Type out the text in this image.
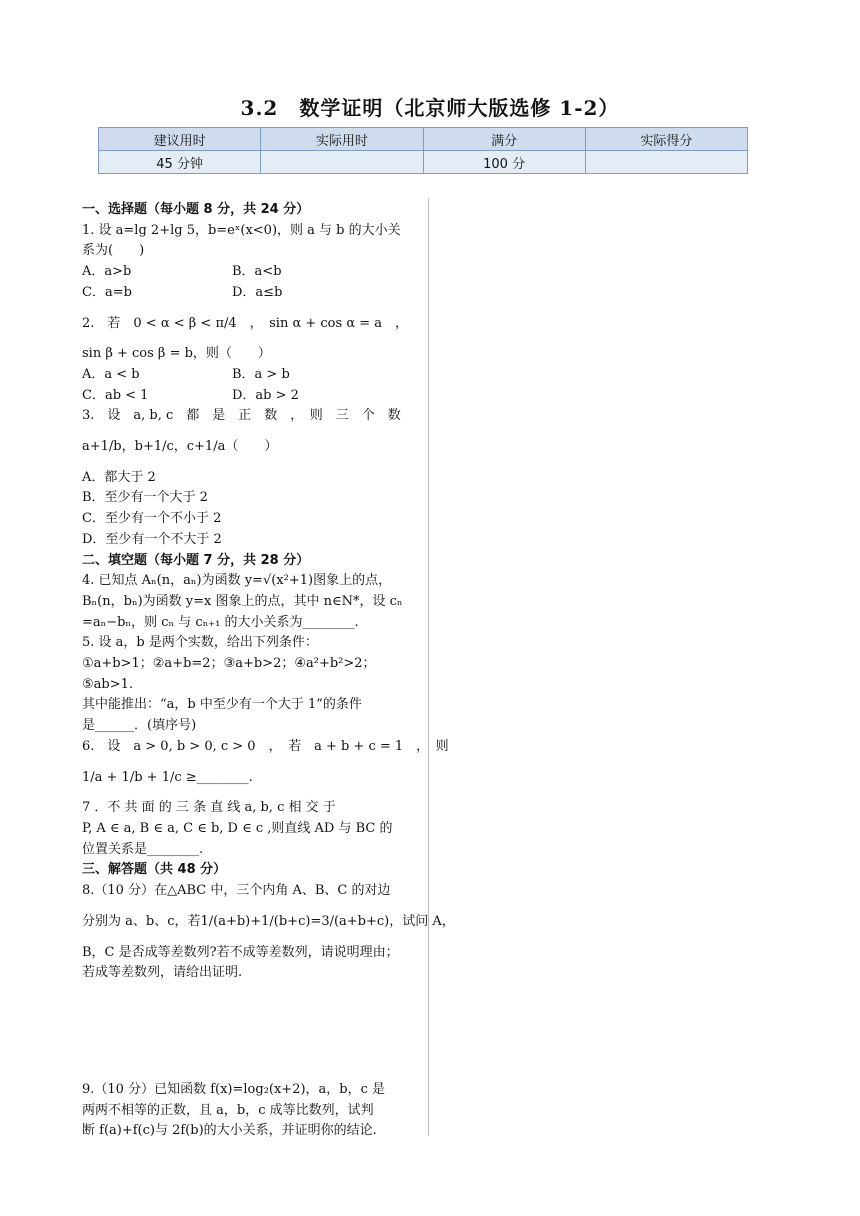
3.2　数学证明（北京师大版选修 1-2）
建议用时	实际用时	满分	实际得分
45 分钟		100 分	
一、选择题（每小题 8 分，共 24 分）
1. 设 a=lg 2+lg 5，b=eˣ(x<0)，则 a 与 b 的大小关
系为(　　)
A．a>b	B．a<b
C．a=b	D．a≤b
2.　若　0 < α < β < π/4　，　sin α + cos α = a　，
sin β + cos β = b，则（　　）
A．a < b	B．a > b
C．ab < 1	D．ab > 2
3.　设　a, b, c　都　是　正　数　，　则　三　个　数
a+1/b，b+1/c，c+1/a（　　）
A．都大于 2
B．至少有一个大于 2
C．至少有一个不小于 2
D．至少有一个不大于 2
二、填空题（每小题 7 分，共 28 分）
4. 已知点 Aₙ(n，aₙ)为函数 y=√(x²+1)图象上的点，
Bₙ(n，bₙ)为函数 y=x 图象上的点，其中 n∈N*，设 cₙ
=aₙ−bₙ，则 cₙ 与 cₙ₊₁ 的大小关系为________.
5. 设 a，b 是两个实数，给出下列条件：
①a+b>1；②a+b=2；③a+b>2；④a²+b²>2；
⑤ab>1.
其中能推出：“a，b 中至少有一个大于 1”的条件
是______．(填序号)
6.　设　a > 0, b > 0, c > 0　，　若　a + b + c = 1　，　则
1/a + 1/b + 1/c ≥________.
7 ．不 共 面 的 三 条 直 线 a, b, c 相 交 于
P, A ∈ a, B ∈ a, C ∈ b, D ∈ c ,则直线 AD 与 BC 的
位置关系是________.
三、解答题（共 48 分）
8.（10 分）在△ABC 中，三个内角 A、B、C 的对边
分别为 a、b、c，若1/(a+b)+1/(b+c)=3/(a+b+c)，试问 A，
B，C 是否成等差数列?若不成等差数列，请说明理由；
若成等差数列，请给出证明.
9.（10 分）已知函数 f(x)=log₂(x+2)，a，b，c 是
两两不相等的正数，且 a，b，c 成等比数列，试判
断 f(a)+f(c)与 2f(b)的大小关系，并证明你的结论.
